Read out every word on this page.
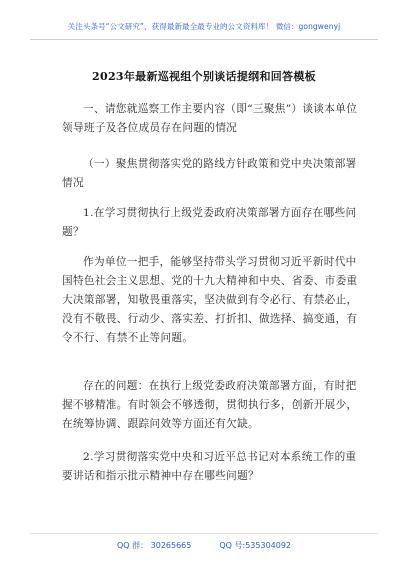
关注头条号“公文研究”，获得最新最全最专业的公文资料库！ 微信：gongwenyj
2023年最新巡视组个别谈话提纲和回答模板
一、请您就巡察工作主要内容（即“三聚焦”）谈谈本单位领导班子及各位成员存在问题的情况
（一）聚焦贯彻落实党的路线方针政策和党中央决策部署情况
1.在学习贯彻执行上级党委政府决策部署方面存在哪些问题？
作为单位一把手，能够坚持带头学习贯彻习近平新时代中国特色社会主义思想、党的十九大精神和中央、省委、市委重大决策部署，知敬畏重落实，坚决做到有令必行、有禁必止，没有不敬畏、行动少、落实差、打折扣、做选择、搞变通，有令不行、有禁不止等问题。
存在的问题：在执行上级党委政府决策部署方面，有时把握不够精准。有时领会不够透彻，贯彻执行多，创新开展少，在统筹协调、跟踪问效等方面还有欠缺。
2.学习贯彻落实党中央和习近平总书记对本系统工作的重要讲话和指示批示精神中存在哪些问题？
QQ 群： 30265665	QQ 号:535304092
